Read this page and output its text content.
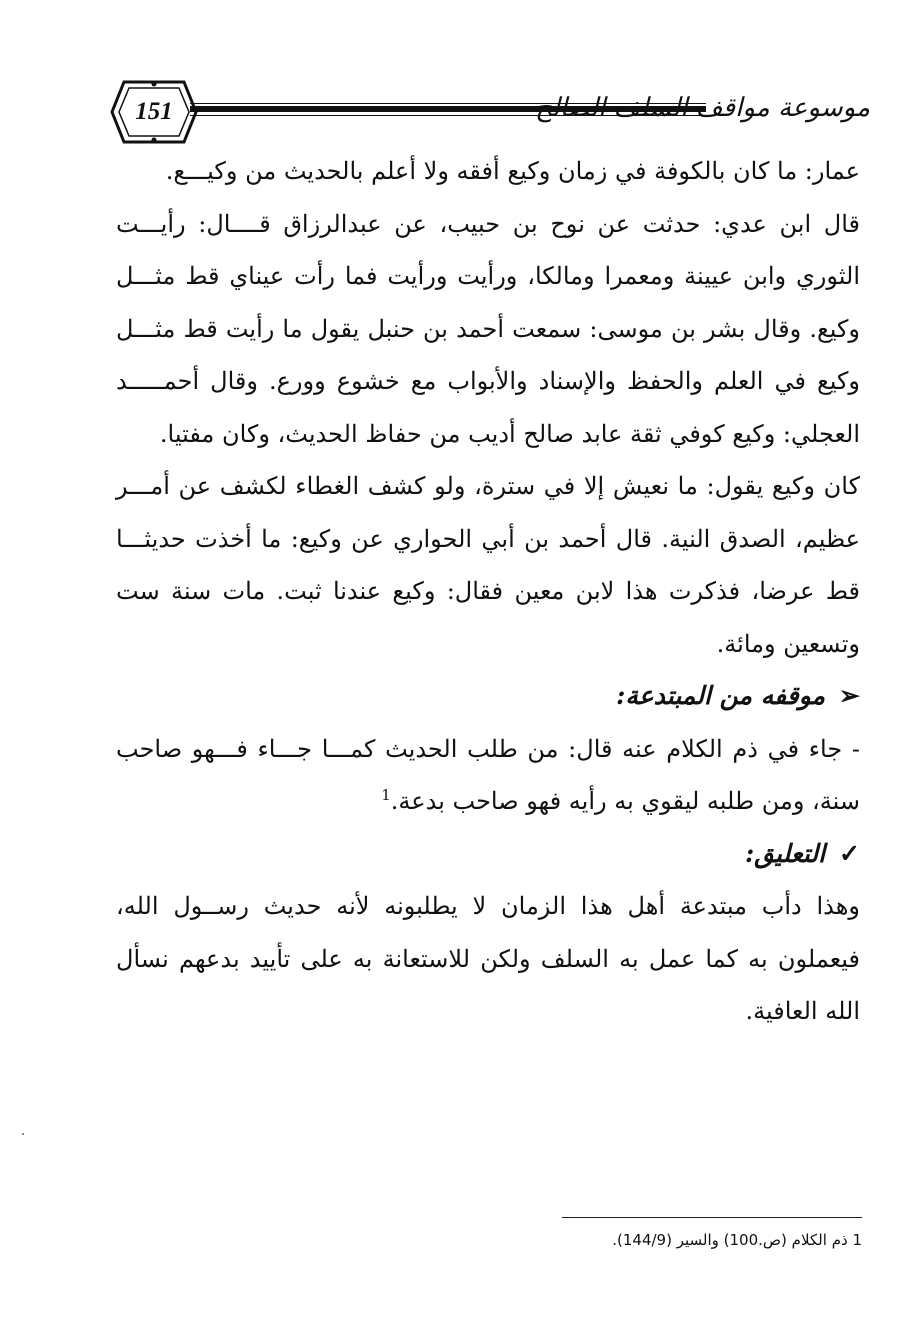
151	موسوعة مواقف السلف الصالح

عمار: ما كان بالكوفة في زمان وكيع أفقه ولا أعلم بالحديث من وكيـــع.

قال ابن عدي: حدثت عن نوح بن حبيب، عن عبدالرزاق قــــال: رأيـــت الثوري وابن عيينة ومعمرا ومالكا، ورأيت ورأيت فما رأت عيناي قط مثـــل وكيع. وقال بشر بن موسى: سمعت أحمد بن حنبل يقول ما رأيت قط مثـــل وكيع في العلم والحفظ والإسناد والأبواب مع خشوع وورع. وقال أحمـــــد العجلي: وكيع كوفي ثقة عابد صالح أديب من حفاظ الحديث، وكان مفتيا.

كان وكيع يقول: ما نعيش إلا في سترة، ولو كشف الغطاء لكشف عن أمـــر عظيم، الصدق النية. قال أحمد بن أبي الحواري عن وكيع: ما أخذت حديثـــا قط عرضا، فذكرت هذا لابن معين فقال: وكيع عندنا ثبت. مات سنة ست وتسعين ومائة.

➢
موقفه من المبتدعة:

- جاء في ذم الكلام عنه قال: من طلب الحديث كمـــا جـــاء فـــهو صاحب سنة، ومن طلبه ليقوي به رأيه فهو صاحب بدعة.$^1$

✓
التعليق:

وهذا دأب مبتدعة أهل هذا الزمان لا يطلبونه لأنه حديث رســول الله، فيعملون به كما عمل به السلف ولكن للاستعانة به على تأييد بدعهم نسأل الله العافية.

1 ذم الكلام (ص.100) والسير (144/9).
